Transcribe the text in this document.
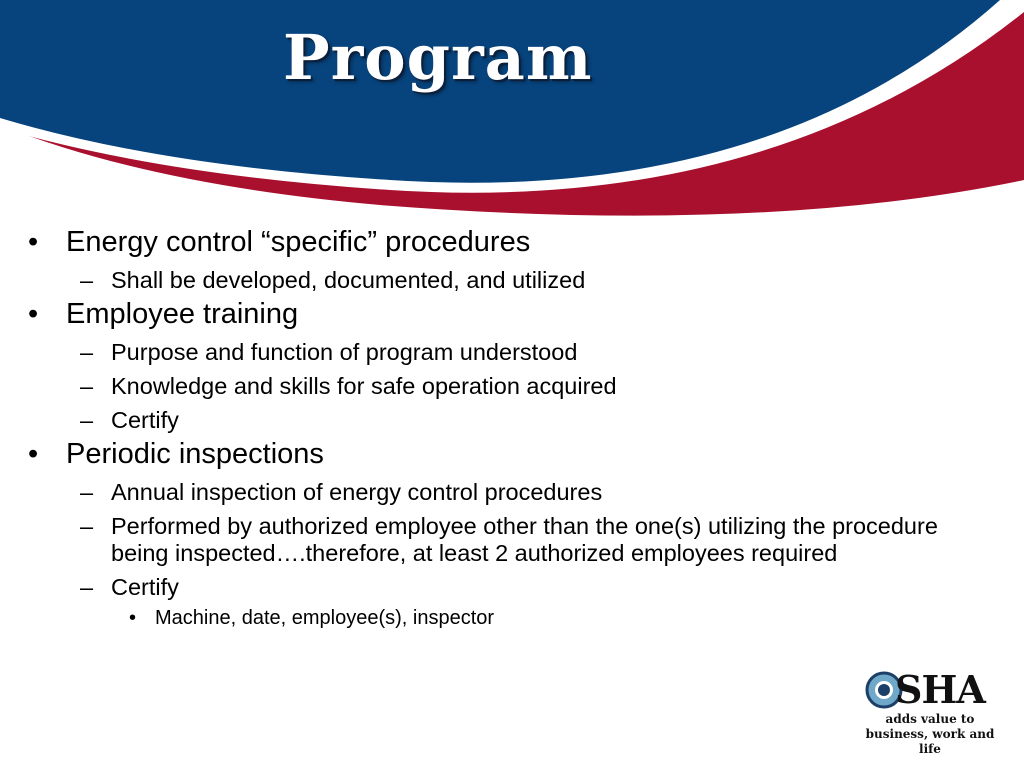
Program
• Energy control “specific” procedures
– Shall be developed, documented, and utilized
• Employee training
– Purpose and function of program understood
– Knowledge and skills for safe operation acquired
– Certify
• Periodic inspections
– Annual inspection of energy control procedures
– Performed by authorized employee other than the one(s) utilizing the procedure being inspected….therefore, at least 2 authorized employees required
– Certify
• Machine, date, employee(s), inspector
SHA
adds value to business, work and life
